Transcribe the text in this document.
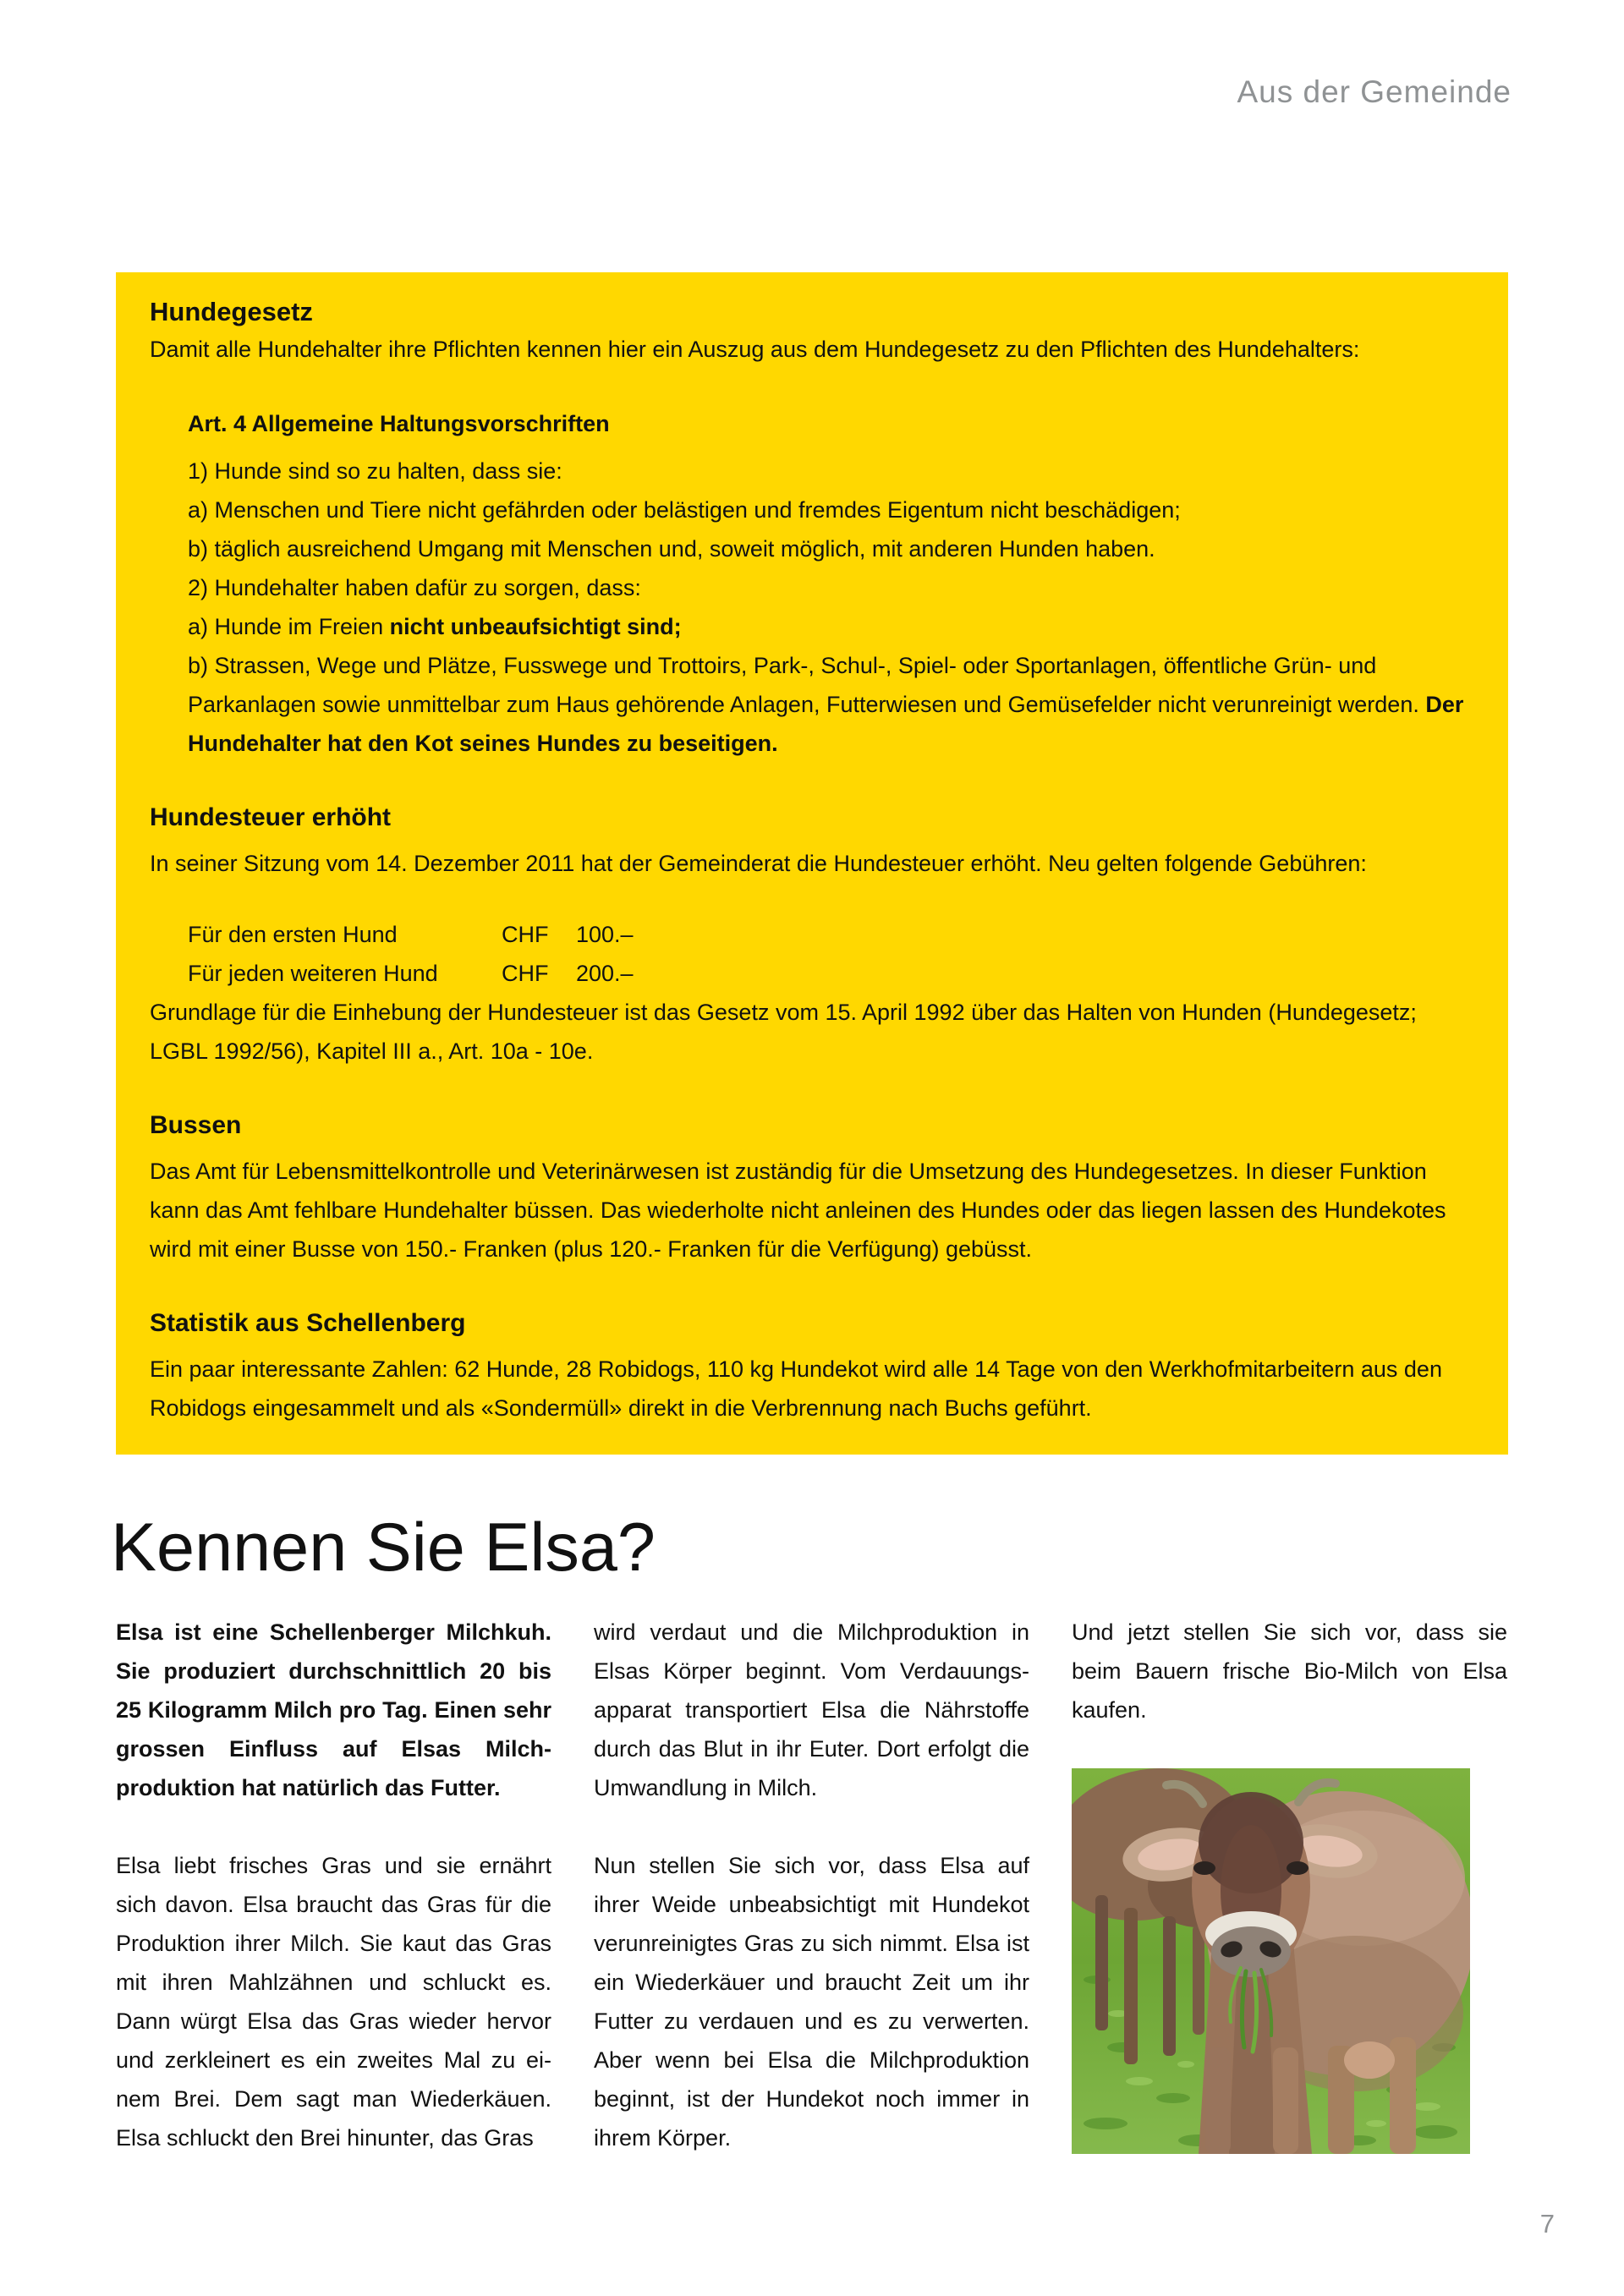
Aus der Gemeinde
Hundegesetz

Damit alle Hundehalter ihre Pflichten kennen hier ein Auszug aus dem Hundegesetz zu den Pflichten des Hundehalters:

Art. 4 Allgemeine Haltungsvorschriften

1) Hunde sind so zu halten, dass sie:

a) Menschen und Tiere nicht gefährden oder belästigen und fremdes Eigentum nicht beschädigen;

b) täglich ausreichend Umgang mit Menschen und, soweit möglich, mit anderen Hunden haben.

2) Hundehalter haben dafür zu sorgen, dass:

a) Hunde im Freien nicht unbeaufsichtigt sind;

b) Strassen, Wege und Plätze, Fusswege und Trottoirs, Park-, Schul-, Spiel- oder Sportanlagen, öffentliche Grün- und Parkanlagen sowie unmittelbar zum Haus gehörende Anlagen, Futterwiesen und Gemüsefelder nicht verunreinigt werden. Der Hundehalter hat den Kot seines Hundes zu beseitigen.

Hundesteuer erhöht

In seiner Sitzung vom 14. Dezember 2011 hat der Gemeinderat die Hundesteuer erhöht. Neu gelten folgende Gebühren:

Für den ersten Hund	CHF	100.–
Für jeden weiteren Hund	CHF	200.–

Grundlage für die Einhebung der Hundesteuer ist das Gesetz vom 15. April 1992 über das Halten von Hunden (Hundegesetz; LGBL 1992/56), Kapitel III a., Art. 10a - 10e.

Bussen

Das Amt für Lebensmittelkontrolle und Veterinärwesen ist zuständig für die Umsetzung des Hundegesetzes. In dieser Funktion kann das Amt fehlbare Hundehalter büssen. Das wiederholte nicht anleinen des Hundes oder das liegen lassen des Hundekotes wird mit einer Busse von 150.- Franken (plus 120.- Franken für die Verfügung) gebüsst.

Statistik aus Schellenberg

Ein paar interessante Zahlen: 62 Hunde, 28 Robidogs, 110 kg Hundekot wird alle 14 Tage von den Werkhofmitarbeitern aus den Robidogs eingesammelt und als «Sondermüll» direkt in die Verbrennung nach Buchs geführt.

Kennen Sie Elsa?

Elsa ist eine Schellenberger Milchkuh. Sie produziert durchschnittlich 20 bis 25 Kilogramm Milch pro Tag. Einen sehr grossen Einfluss auf Elsas Milchproduktion hat natürlich das Futter.

Elsa liebt frisches Gras und sie ernährt sich davon. Elsa braucht das Gras für die Produktion ihrer Milch. Sie kaut das Gras mit ihren Mahlzähnen und schluckt es. Dann würgt Elsa das Gras wieder hervor und zerkleinert es ein zweites Mal zu einem Brei. Dem sagt man Wiederkäuen. Elsa schluckt den Brei hinunter, das Gras

wird verdaut und die Milchproduktion in Elsas Körper beginnt. Vom Verdauungsapparat transportiert Elsa die Nährstoffe durch das Blut in ihr Euter. Dort erfolgt die Umwandlung in Milch.

Nun stellen Sie sich vor, dass Elsa auf ihrer Weide unbeabsichtigt mit Hundekot verunreinigtes Gras zu sich nimmt. Elsa ist ein Wiederkäuer und braucht Zeit um ihr Futter zu verdauen und es zu verwerten. Aber wenn bei Elsa die Milchproduktion beginnt, ist der Hundekot noch immer in ihrem Körper.

Und jetzt stellen Sie sich vor, dass sie beim Bauern frische Bio-Milch von Elsa kaufen.

7
